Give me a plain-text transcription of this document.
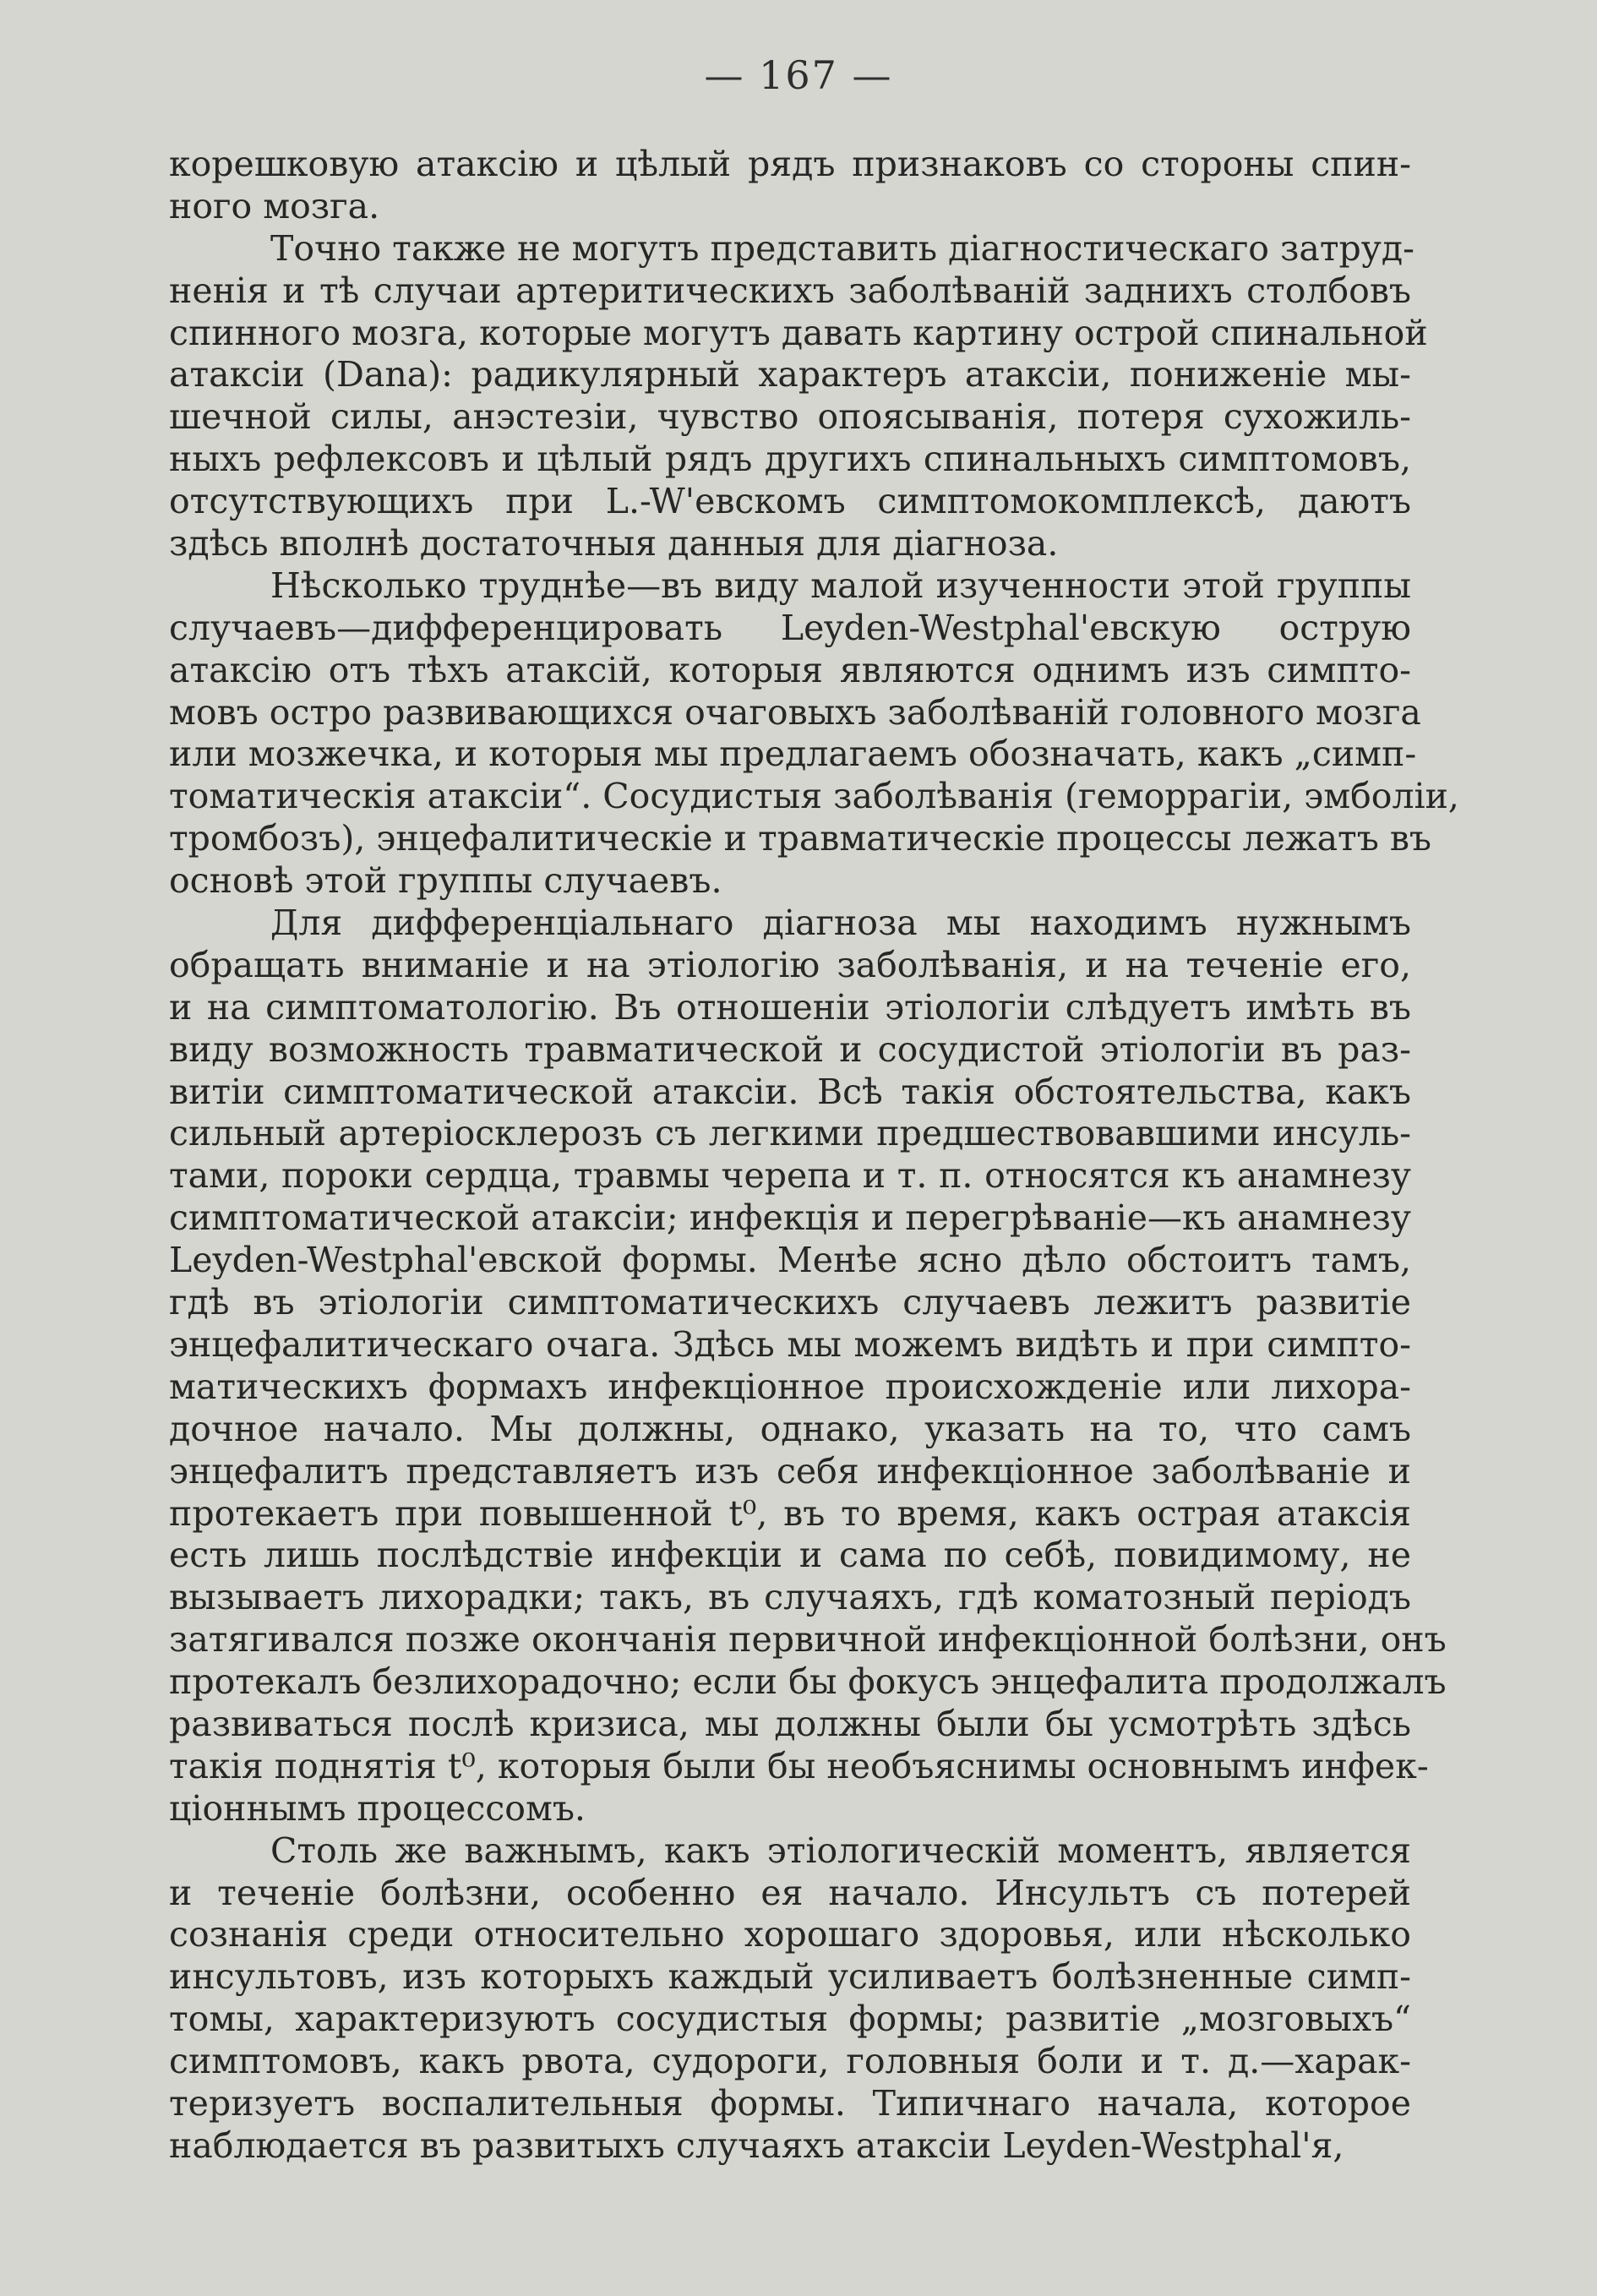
— 167 —
корешковую атаксію и цѣлый рядъ признаковъ со стороны спин-
ного мозга.
Точно также не могутъ представить діагностическаго затруд-
ненія и тѣ случаи артеритическихъ заболѣваній заднихъ столбовъ
спинного мозга, которые могутъ давать картину острой спинальной
атаксіи (Dana): радикулярный характеръ атаксіи, пониженіе мы-
шечной силы, анэстезіи, чувство опоясыванія, потеря сухожиль-
ныхъ рефлексовъ и цѣлый рядъ другихъ спинальныхъ симптомовъ,
отсутствующихъ при L.-W'евскомъ симптомокомплексѣ, даютъ
здѣсь вполнѣ достаточныя данныя для діагноза.
Нѣсколько труднѣе—въ виду малой изученности этой группы
случаевъ—дифференцировать Leyden-Westphal'евскую острую
атаксію отъ тѣхъ атаксій, которыя являются однимъ изъ симпто-
мовъ остро развивающихся очаговыхъ заболѣваній головного мозга
или мозжечка, и которыя мы предлагаемъ обозначать, какъ „симп-
томатическія атаксіи“. Сосудистыя заболѣванія (геморрагіи, эмболіи,
тромбозъ), энцефалитическіе и травматическіе процессы лежатъ въ
основѣ этой группы случаевъ.
Для дифференціальнаго діагноза мы находимъ нужнымъ
обращать вниманіе и на этіологію заболѣванія, и на теченіе его,
и на симптоматологію. Въ отношеніи этіологіи слѣдуетъ имѣть въ
виду возможность травматической и сосудистой этіологіи въ раз-
витіи симптоматической атаксіи. Всѣ такія обстоятельства, какъ
сильный артеріосклерозъ съ легкими предшествовавшими инсуль-
тами, пороки сердца, травмы черепа и т. п. относятся къ анамнезу
симптоматической атаксіи; инфекція и перегрѣваніе—къ анамнезу
Leyden-Westphal'евской формы. Менѣе ясно дѣло обстоитъ тамъ,
гдѣ въ этіологіи симптоматическихъ случаевъ лежитъ развитіе
энцефалитическаго очага. Здѣсь мы можемъ видѣть и при симпто-
матическихъ формахъ инфекціонное происхожденіе или лихора-
дочное начало. Мы должны, однако, указать на то, что самъ
энцефалитъ представляетъ изъ себя инфекціонное заболѣваніе и
протекаетъ при повышенной t⁰, въ то время, какъ острая атаксія
есть лишь послѣдствіе инфекціи и сама по себѣ, повидимому, не
вызываетъ лихорадки; такъ, въ случаяхъ, гдѣ коматозный періодъ
затягивался позже окончанія первичной инфекціонной болѣзни, онъ
протекалъ безлихорадочно; если бы фокусъ энцефалита продолжалъ
развиваться послѣ кризиса, мы должны были бы усмотрѣть здѣсь
такія поднятія t⁰, которыя были бы необъяснимы основнымъ инфек-
ціоннымъ процессомъ.
Столь же важнымъ, какъ этіологическій моментъ, является
и теченіе болѣзни, особенно ея начало. Инсультъ съ потерей
сознанія среди относительно хорошаго здоровья, или нѣсколько
инсультовъ, изъ которыхъ каждый усиливаетъ болѣзненные симп-
томы, характеризуютъ сосудистыя формы; развитіе „мозговыхъ“
симптомовъ, какъ рвота, судороги, головныя боли и т. д.—харак-
теризуетъ воспалительныя формы. Типичнаго начала, которое
наблюдается въ развитыхъ случаяхъ атаксіи Leyden-Westphal'я,
